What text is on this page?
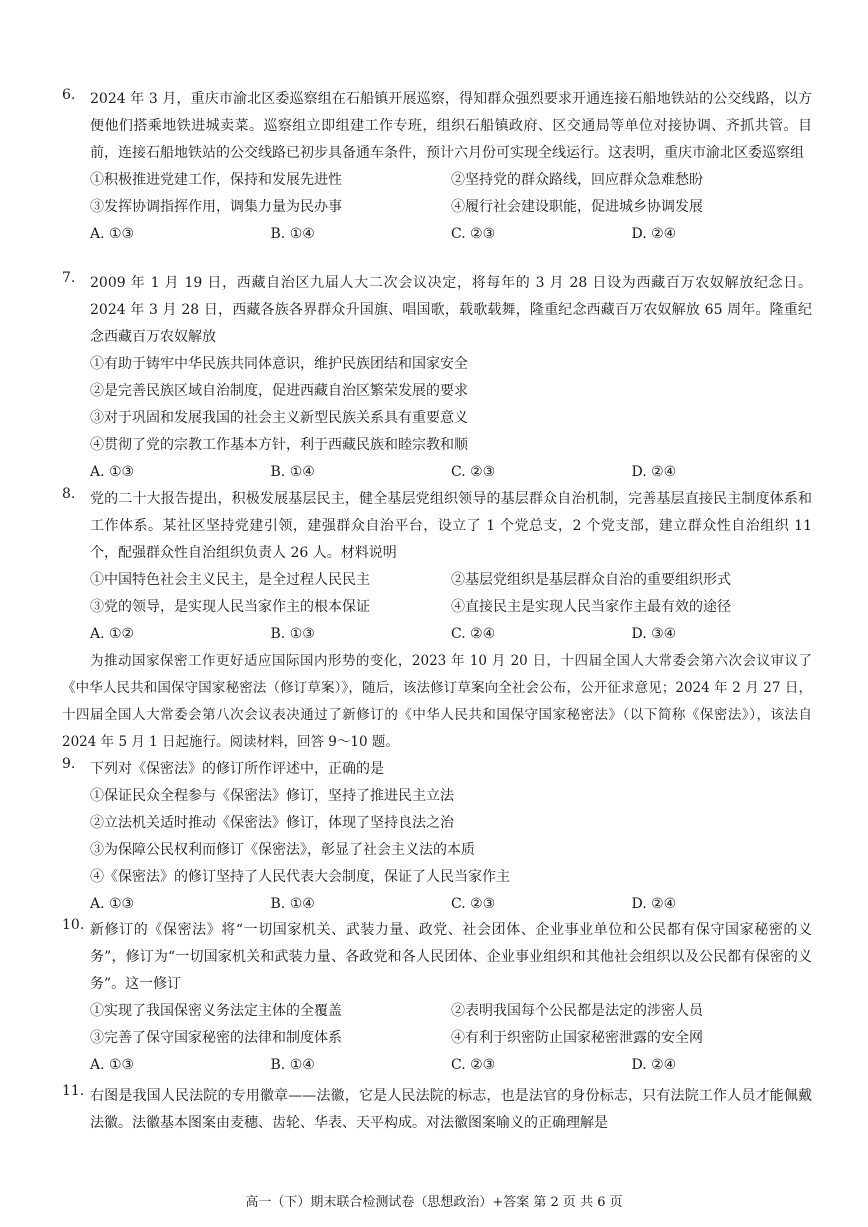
6. 2024 年 3 月，重庆市渝北区委巡察组在石船镇开展巡察，得知群众强烈要求开通连接石船地铁站的公交线路，以方便他们搭乘地铁进城卖菜。巡察组立即组建工作专班，组织石船镇政府、区交通局等单位对接协调、齐抓共管。目前，连接石船地铁站的公交线路已初步具备通车条件，预计六月份可实现全线运行。这表明，重庆市渝北区委巡察组
①积极推进党建工作，保持和发展先进性	②坚持党的群众路线，回应群众急难愁盼
③发挥协调指挥作用，调集力量为民办事	④履行社会建设职能，促进城乡协调发展
A. ①③	B. ①④	C. ②③	D. ②④
7. 2009 年 1 月 19 日，西藏自治区九届人大二次会议决定，将每年的 3 月 28 日设为西藏百万农奴解放纪念日。2024 年 3 月 28 日，西藏各族各界群众升国旗、唱国歌，载歌载舞，隆重纪念西藏百万农奴解放 65 周年。隆重纪念西藏百万农奴解放
①有助于铸牢中华民族共同体意识，维护民族团结和国家安全
②是完善民族区域自治制度，促进西藏自治区繁荣发展的要求
③对于巩固和发展我国的社会主义新型民族关系具有重要意义
④贯彻了党的宗教工作基本方针，利于西藏民族和睦宗教和顺
A. ①③	B. ①④	C. ②③	D. ②④
8. 党的二十大报告提出，积极发展基层民主，健全基层党组织领导的基层群众自治机制，完善基层直接民主制度体系和工作体系。某社区坚持党建引领，建强群众自治平台，设立了 1 个党总支，2 个党支部，建立群众性自治组织 11 个，配强群众性自治组织负责人 26 人。材料说明
①中国特色社会主义民主，是全过程人民民主	②基层党组织是基层群众自治的重要组织形式
③党的领导，是实现人民当家作主的根本保证	④直接民主是实现人民当家作主最有效的途径
A. ①②	B. ①③	C. ②④	D. ③④
为推动国家保密工作更好适应国际国内形势的变化，2023 年 10 月 20 日，十四届全国人大常委会第六次会议审议了《中华人民共和国保守国家秘密法（修订草案）》，随后，该法修订草案向全社会公布，公开征求意见；2024 年 2 月 27 日，十四届全国人大常委会第八次会议表决通过了新修订的《中华人民共和国保守国家秘密法》（以下简称《保密法》），该法自 2024 年 5 月 1 日起施行。阅读材料，回答 9～10 题。
9. 下列对《保密法》的修订所作评述中，正确的是
①保证民众全程参与《保密法》修订，坚持了推进民主立法
②立法机关适时推动《保密法》修订，体现了坚持良法之治
③为保障公民权利而修订《保密法》，彰显了社会主义法的本质
④《保密法》的修订坚持了人民代表大会制度，保证了人民当家作主
A. ①③	B. ①④	C. ②③	D. ②④
10. 新修订的《保密法》将“一切国家机关、武装力量、政党、社会团体、企业事业单位和公民都有保守国家秘密的义务”，修订为“一切国家机关和武装力量、各政党和各人民团体、企业事业组织和其他社会组织以及公民都有保密的义务”。这一修订
①实现了我国保密义务法定主体的全覆盖	②表明我国每个公民都是法定的涉密人员
③完善了保守国家秘密的法律和制度体系	④有利于织密防止国家秘密泄露的安全网
A. ①③	B. ①④	C. ②③	D. ②④
11. 右图是我国人民法院的专用徽章——法徽，它是人民法院的标志，也是法官的身份标志，只有法院工作人员才能佩戴法徽。法徽基本图案由麦穗、齿轮、华表、天平构成。对法徽图案喻义的正确理解是
高一（下）期末联合检测试卷（思想政治）+答案 第 2 页 共 6 页
